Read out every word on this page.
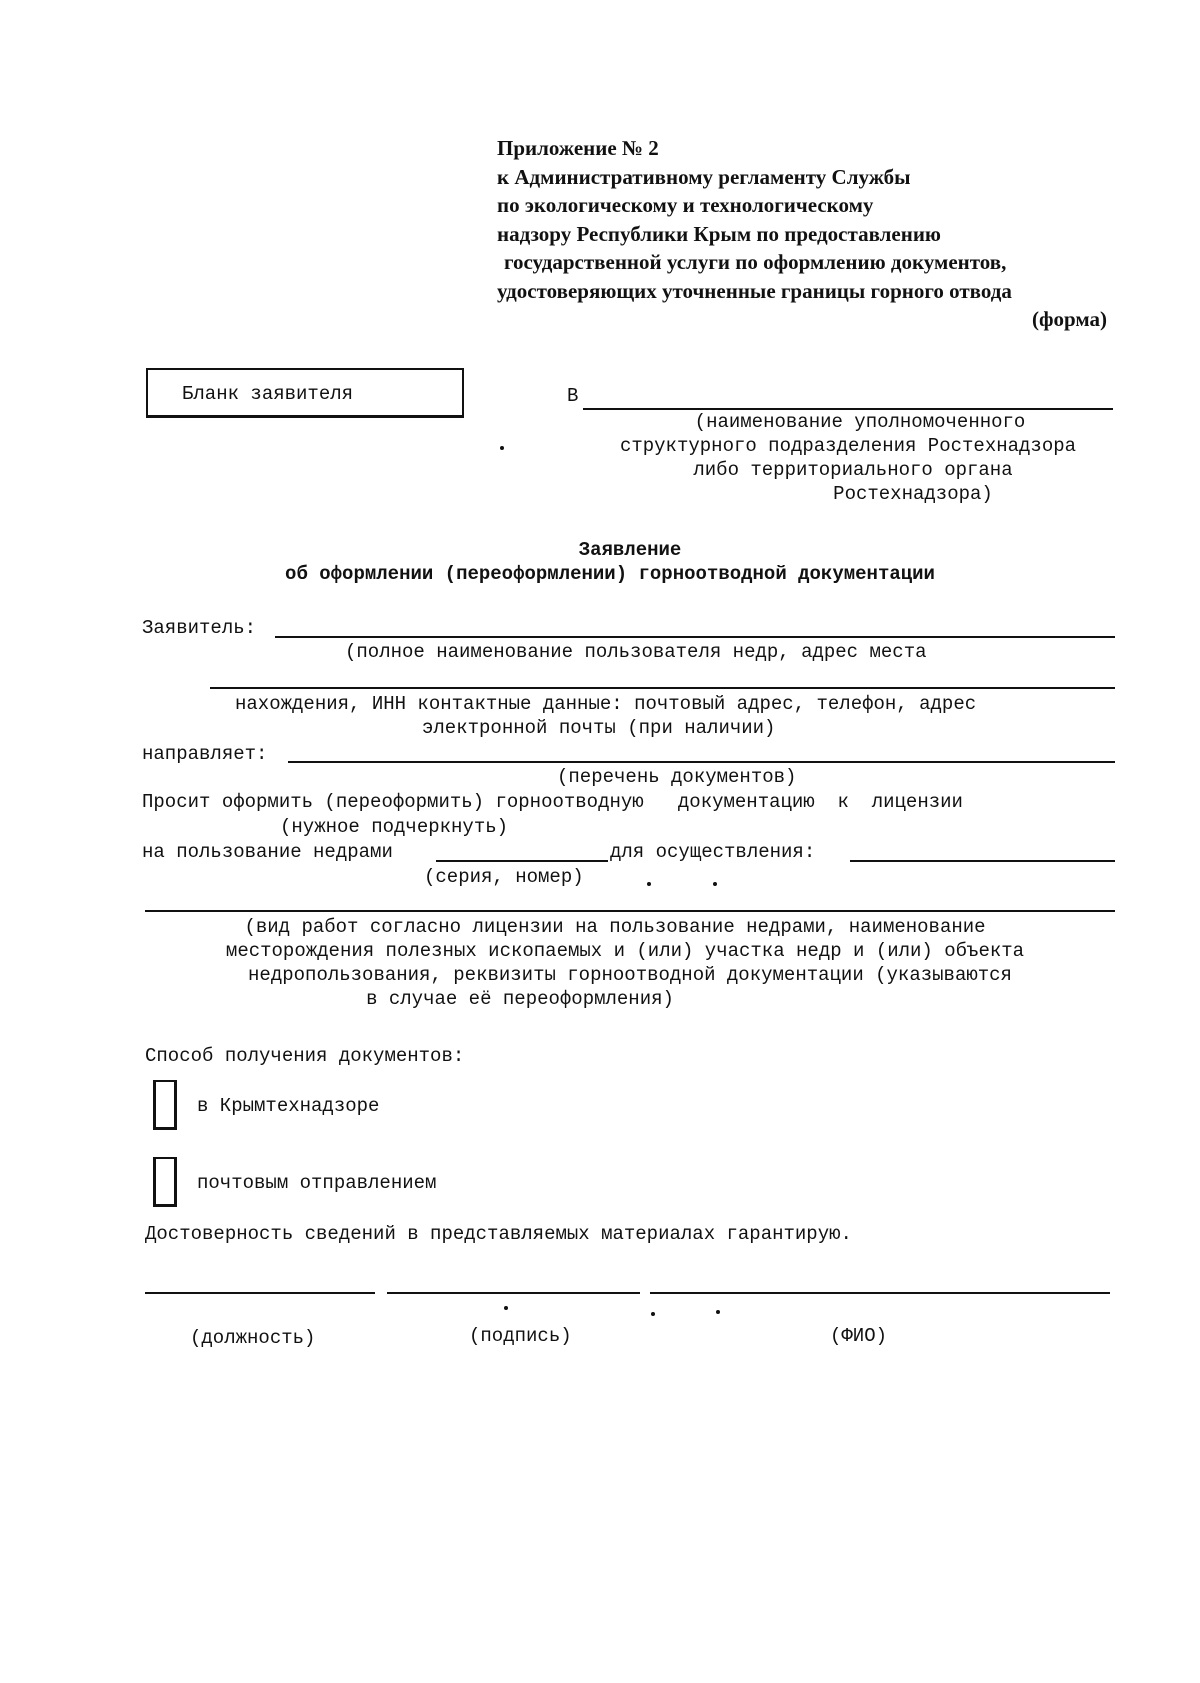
Приложение № 2
к Административному регламенту Службы
по экологическому и технологическому
надзору Республики Крым по предоставлению
государственной услуги по оформлению документов,
удостоверяющих уточненные границы горного отвода
(форма)
Бланк заявителя	В
(наименование уполномоченного
структурного подразделения Ростехнадзора
либо территориального органа
Ростехнадзора)
Заявление
об оформлении (переоформлении) горноотводной документации
Заявитель:
(полное наименование пользователя недр, адрес места
нахождения, ИНН контактные данные: почтовый адрес, телефон, адрес
электронной почты (при наличии)
направляет:
(перечень документов)
Просит оформить (переоформить) горноотводную   документацию  к  лицензии
(нужное подчеркнуть)
на пользование недрами	для осуществления:
(серия, номер)
(вид работ согласно лицензии на пользование недрами, наименование
месторождения полезных ископаемых и (или) участка недр и (или) объекта
недропользования, реквизиты горноотводной документации (указываются
в случае её переоформления)
Способ получения документов:
в Крымтехнадзоре
почтовым отправлением
Достоверность сведений в представляемых материалах гарантирую.
(должность)	(подпись)	(ФИО)
